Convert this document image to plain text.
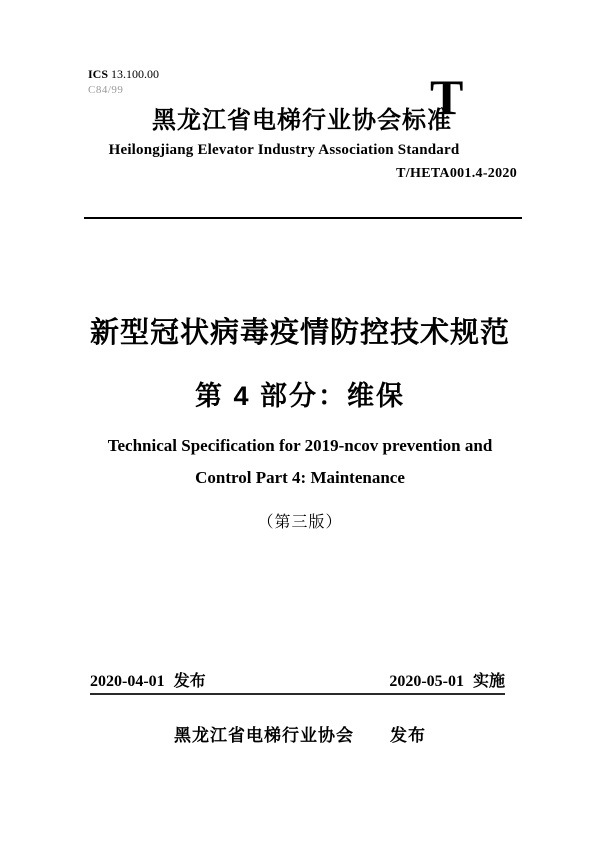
ICS 13.100.00
C84/99
黑龙江省电梯行业协会标准
Heilongjiang Elevator Industry Association Standard
T
T/HETA001.4-2020
新型冠状病毒疫情防控技术规范
第 4 部分：维保
Technical Specification for 2019-ncov prevention and
Control Part 4: Maintenance
（第三版）
2020-04-01 发布	2020-05-01 实施
黑龙江省电梯行业协会 发布
